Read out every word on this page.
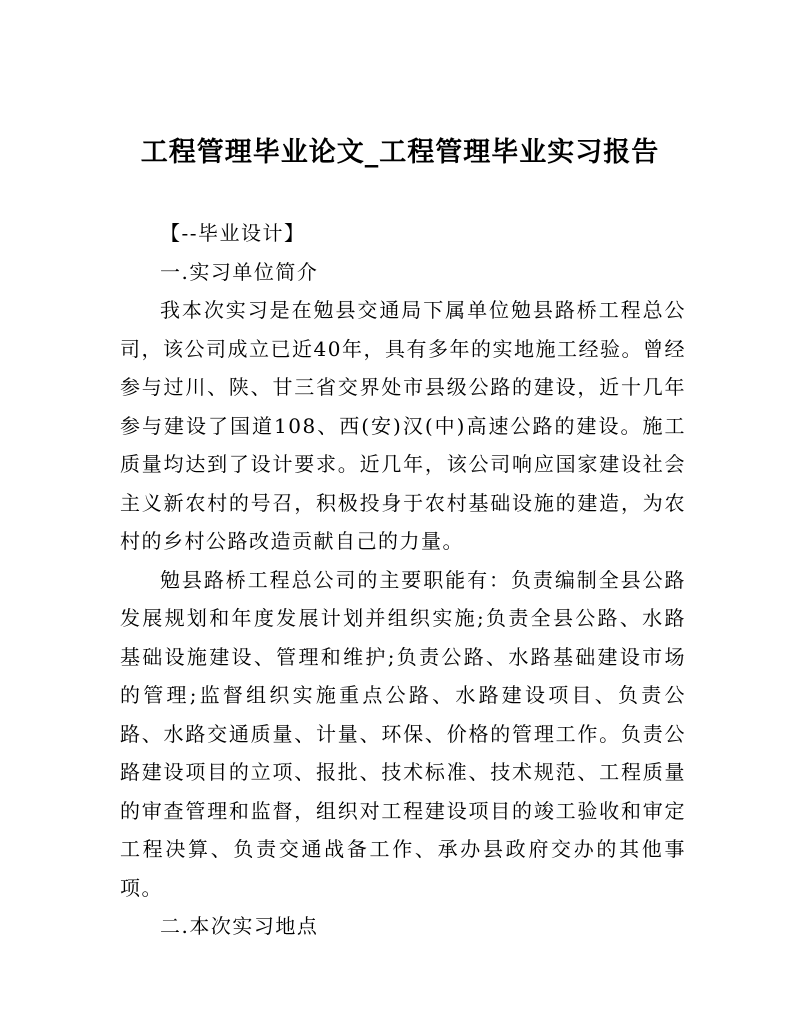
工程管理毕业论文_工程管理毕业实习报告

【--毕业设计】

一.实习单位简介

我本次实习是在勉县交通局下属单位勉县路桥工程总公司，该公司成立已近40年，具有多年的实地施工经验。曾经参与过川、陕、甘三省交界处市县级公路的建设，近十几年参与建设了国道108、西(安)汉(中)高速公路的建设。施工质量均达到了设计要求。近几年，该公司响应国家建设社会主义新农村的号召，积极投身于农村基础设施的建造，为农村的乡村公路改造贡献自己的力量。

勉县路桥工程总公司的主要职能有：负责编制全县公路发展规划和年度发展计划并组织实施;负责全县公路、水路基础设施建设、管理和维护;负责公路、水路基础建设市场的管理;监督组织实施重点公路、水路建设项目、负责公路、水路交通质量、计量、环保、价格的管理工作。负责公路建设项目的立项、报批、技术标准、技术规范、工程质量的审查管理和监督，组织对工程建设项目的竣工验收和审定工程决算、负责交通战备工作、承办县政府交办的其他事项。

二.本次实习地点
